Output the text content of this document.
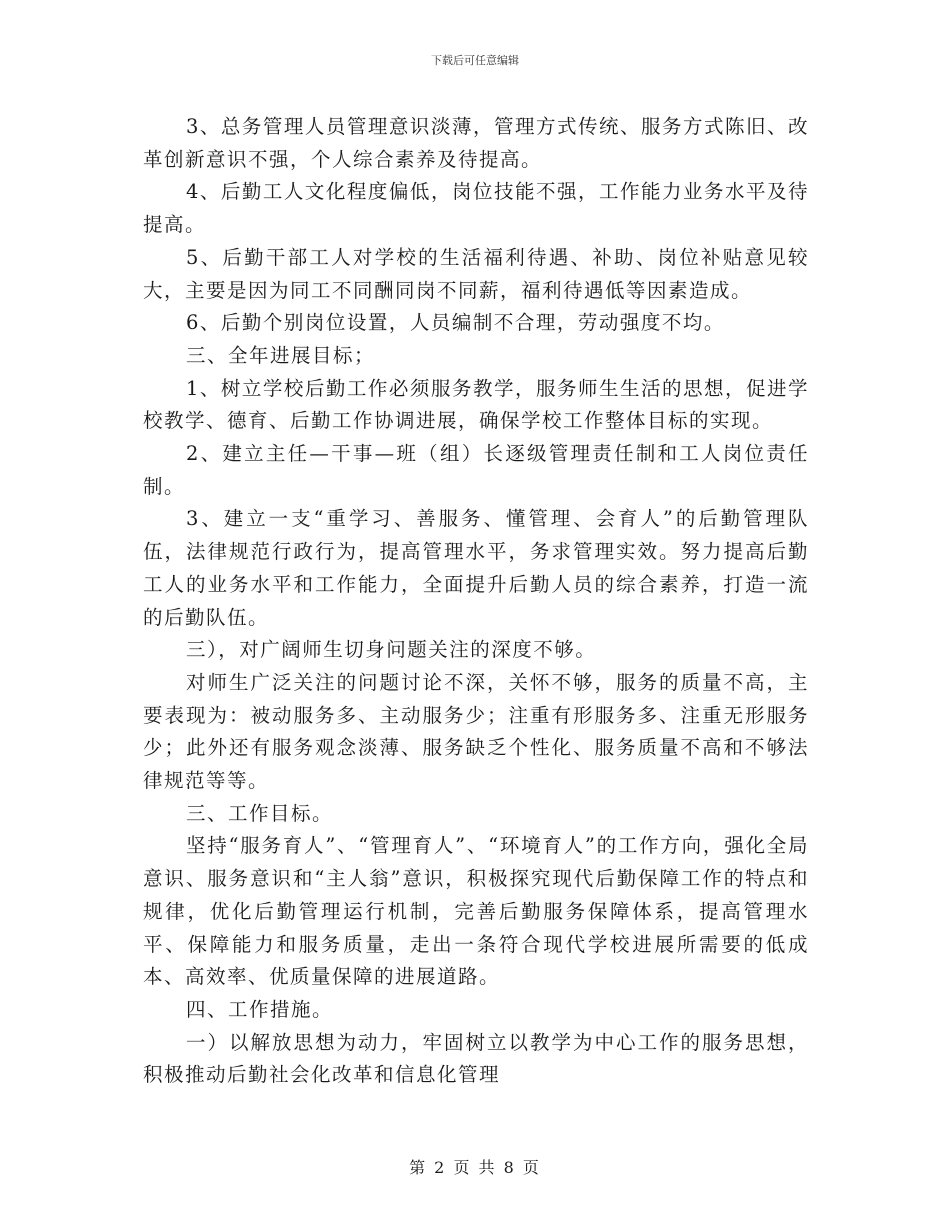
下载后可任意编辑

3、总务管理人员管理意识淡薄，管理方式传统、服务方式陈旧、改革创新意识不强，个人综合素养及待提高。

4、后勤工人文化程度偏低，岗位技能不强，工作能力业务水平及待提高。

5、后勤干部工人对学校的生活福利待遇、补助、岗位补贴意见较大，主要是因为同工不同酬同岗不同薪，福利待遇低等因素造成。

6、后勤个别岗位设置，人员编制不合理，劳动强度不均。

三、全年进展目标；

1、树立学校后勤工作必须服务教学，服务师生生活的思想，促进学校教学、德育、后勤工作协调进展，确保学校工作整体目标的实现。

2、建立主任—干事—班（组）长逐级管理责任制和工人岗位责任制。

3、建立一支“重学习、善服务、懂管理、会育人”的后勤管理队伍，法律规范行政行为，提高管理水平，务求管理实效。努力提高后勤工人的业务水平和工作能力，全面提升后勤人员的综合素养，打造一流的后勤队伍。

三），对广阔师生切身问题关注的深度不够。

对师生广泛关注的问题讨论不深，关怀不够，服务的质量不高，主要表现为：被动服务多、主动服务少；注重有形服务多、注重无形服务少；此外还有服务观念淡薄、服务缺乏个性化、服务质量不高和不够法律规范等等。

三、工作目标。

坚持“服务育人”、“管理育人”、“环境育人”的工作方向，强化全局意识、服务意识和“主人翁”意识，积极探究现代后勤保障工作的特点和规律，优化后勤管理运行机制，完善后勤服务保障体系，提高管理水平、保障能力和服务质量，走出一条符合现代学校进展所需要的低成本、高效率、优质量保障的进展道路。

四、工作措施。

一）以解放思想为动力，牢固树立以教学为中心工作的服务思想，积极推动后勤社会化改革和信息化管理

第 2 页 共 8 页
